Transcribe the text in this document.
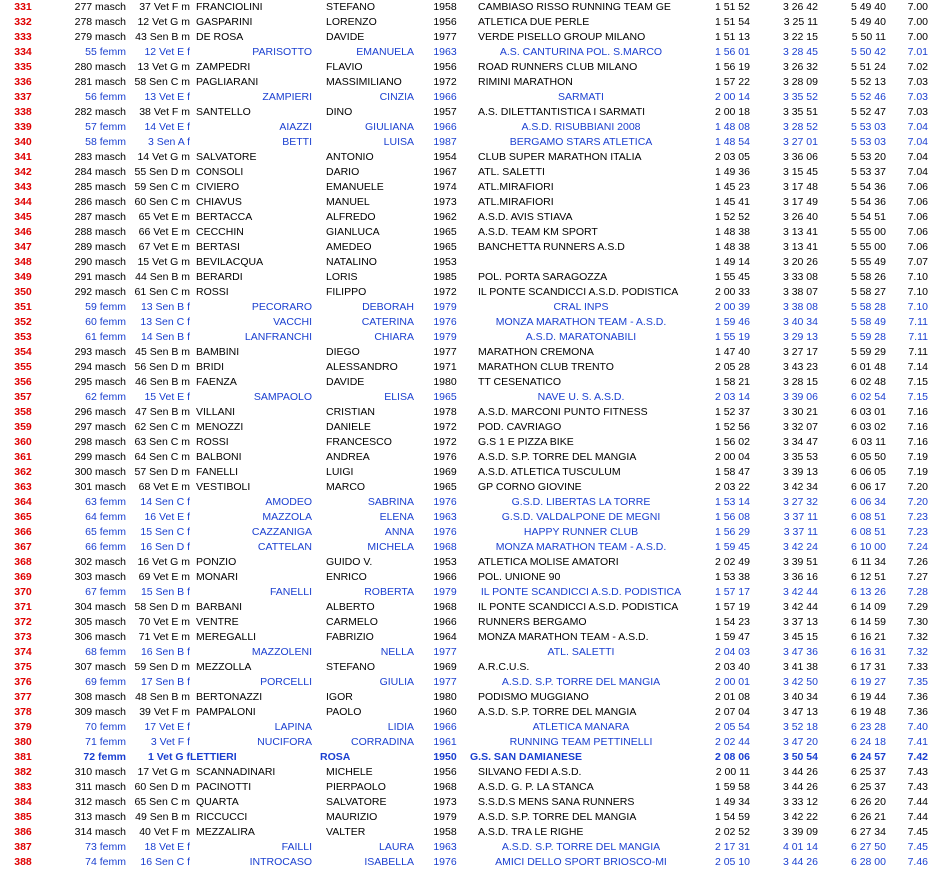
331	277 masch	37 Vet F m	FRANCIOLINI	STEFANO	1958	CAMBIASO RISSO RUNNING TEAM GE	1 51 52	3 26 42	5 49 40	7.00
332	278 masch	12 Vet G m	GASPARINI	LORENZO	1956	ATLETICA DUE PERLE	1 51 54	3 25 11	5 49 40	7.00
333	279 masch	43 Sen B m	DE ROSA	DAVIDE	1977	VERDE PISELLO GROUP MILANO	1 51 13	3 22 15	5 50 11	7.00
334	55 femm	12 Vet E f	PARISOTTO	EMANUELA	1963	A.S. CANTURINA POL. S.MARCO	1 56 01	3 28 45	5 50 42	7.01
335	280 masch	13 Vet G m	ZAMPEDRI	FLAVIO	1956	ROAD RUNNERS CLUB MILANO	1 56 19	3 26 32	5 51 24	7.02
336	281 masch	58 Sen C m	PAGLIARANI	MASSIMILIANO	1972	RIMINI MARATHON	1 57 22	3 28 09	5 52 13	7.03
337	56 femm	13 Vet E f	ZAMPIERI	CINZIA	1966	SARMATI	2 00 14	3 35 52	5 52 46	7.03
338	282 masch	38 Vet F m	SANTELLO	DINO	1957	A.S. DILETTANTISTICA I SARMATI	2 00 18	3 35 51	5 52 47	7.03
339	57 femm	14 Vet E f	AIAZZI	GIULIANA	1966	A.S.D. RISUBBIANI 2008	1 48 08	3 28 52	5 53 03	7.04
340	58 femm	3 Sen A f	BETTI	LUISA	1987	BERGAMO STARS ATLETICA	1 48 54	3 27 01	5 53 03	7.04
341	283 masch	14 Vet G m	SALVATORE	ANTONIO	1954	CLUB SUPER MARATHON ITALIA	2 03 05	3 36 06	5 53 20	7.04
342	284 masch	55 Sen D m	CONSOLI	DARIO	1967	ATL. SALETTI	1 49 36	3 15 45	5 53 37	7.04
343	285 masch	59 Sen C m	CIVIERO	EMANUELE	1974	ATL.MIRAFIORI	1 45 23	3 17 48	5 54 36	7.06
344	286 masch	60 Sen C m	CHIAVUS	MANUEL	1973	ATL.MIRAFIORI	1 45 41	3 17 49	5 54 36	7.06
345	287 masch	65 Vet E m	BERTACCA	ALFREDO	1962	A.S.D. AVIS STIAVA	1 52 52	3 26 40	5 54 51	7.06
346	288 masch	66 Vet E m	CECCHIN	GIANLUCA	1965	A.S.D. TEAM KM SPORT	1 48 38	3 13 41	5 55 00	7.06
347	289 masch	67 Vet E m	BERTASI	AMEDEO	1965	BANCHETTA RUNNERS A.S.D	1 48 38	3 13 41	5 55 00	7.06
348	290 masch	15 Vet G m	BEVILACQUA	NATALINO	1953		1 49 14	3 20 26	5 55 49	7.07
349	291 masch	44 Sen B m	BERARDI	LORIS	1985	POL. PORTA SARAGOZZA	1 55 45	3 33 08	5 58 26	7.10
350	292 masch	61 Sen C m	ROSSI	FILIPPO	1972	IL PONTE SCANDICCI A.S.D. PODISTICA	2 00 33	3 38 07	5 58 27	7.10
351	59 femm	13 Sen B f	PECORARO	DEBORAH	1979	CRAL INPS	2 00 39	3 38 08	5 58 28	7.10
352	60 femm	13 Sen C f	VACCHI	CATERINA	1976	MONZA MARATHON TEAM - A.S.D.	1 59 46	3 40 34	5 58 49	7.11
353	61 femm	14 Sen B f	LANFRANCHI	CHIARA	1979	A.S.D. MARATONABILI	1 55 19	3 29 13	5 59 28	7.11
354	293 masch	45 Sen B m	BAMBINI	DIEGO	1977	MARATHON CREMONA	1 47 40	3 27 17	5 59 29	7.11
355	294 masch	56 Sen D m	BRIDI	ALESSANDRO	1971	MARATHON CLUB TRENTO	2 05 28	3 43 23	6 01 48	7.14
356	295 masch	46 Sen B m	FAENZA	DAVIDE	1980	TT CESENATICO	1 58 21	3 28 15	6 02 48	7.15
357	62 femm	15 Vet E f	SAMPAOLO	ELISA	1965	NAVE U. S. A.S.D.	2 03 14	3 39 06	6 02 54	7.15
358	296 masch	47 Sen B m	VILLANI	CRISTIAN	1978	A.S.D. MARCONI PUNTO FITNESS	1 52 37	3 30 21	6 03 01	7.16
359	297 masch	62 Sen C m	MENOZZI	DANIELE	1972	POD. CAVRIAGO	1 52 56	3 32 07	6 03 02	7.16
360	298 masch	63 Sen C m	ROSSI	FRANCESCO	1972	G.S 1 E PIZZA BIKE	1 56 02	3 34 47	6 03 11	7.16
361	299 masch	64 Sen C m	BALBONI	ANDREA	1976	A.S.D. S.P. TORRE DEL MANGIA	2 00 04	3 35 53	6 05 50	7.19
362	300 masch	57 Sen D m	FANELLI	LUIGI	1969	A.S.D. ATLETICA TUSCULUM	1 58 47	3 39 13	6 06 05	7.19
363	301 masch	68 Vet E m	VESTIBOLI	MARCO	1965	GP CORNO GIOVINE	2 03 22	3 42 34	6 06 17	7.20
364	63 femm	14 Sen C f	AMODEO	SABRINA	1976	G.S.D. LIBERTAS LA TORRE	1 53 14	3 27 32	6 06 34	7.20
365	64 femm	16 Vet E f	MAZZOLA	ELENA	1963	G.S.D. VALDALPONE DE MEGNI	1 56 08	3 37 11	6 08 51	7.23
366	65 femm	15 Sen C f	CAZZANIGA	ANNA	1976	HAPPY RUNNER CLUB	1 56 29	3 37 11	6 08 51	7.23
367	66 femm	16 Sen D f	CATTELAN	MICHELA	1968	MONZA MARATHON TEAM - A.S.D.	1 59 45	3 42 24	6 10 00	7.24
368	302 masch	16 Vet G m	PONZIO	GUIDO V.	1953	ATLETICA MOLISE AMATORI	2 02 49	3 39 51	6 11 34	7.26
369	303 masch	69 Vet E m	MONARI	ENRICO	1966	POL. UNIONE 90	1 53 38	3 36 16	6 12 51	7.27
370	67 femm	15 Sen B f	FANELLI	ROBERTA	1979	IL PONTE SCANDICCI A.S.D. PODISTICA	1 57 17	3 42 44	6 13 26	7.28
371	304 masch	58 Sen D m	BARBANI	ALBERTO	1968	IL PONTE SCANDICCI A.S.D. PODISTICA	1 57 19	3 42 44	6 14 09	7.29
372	305 masch	70 Vet E m	VENTRE	CARMELO	1966	RUNNERS BERGAMO	1 54 23	3 37 13	6 14 59	7.30
373	306 masch	71 Vet E m	MEREGALLI	FABRIZIO	1964	MONZA MARATHON TEAM - A.S.D.	1 59 47	3 45 15	6 16 21	7.32
374	68 femm	16 Sen B f	MAZZOLENI	NELLA	1977	ATL. SALETTI	2 04 03	3 47 36	6 16 31	7.32
375	307 masch	59 Sen D m	MEZZOLLA	STEFANO	1969	A.R.C.U.S.	2 03 40	3 41 38	6 17 31	7.33
376	69 femm	17 Sen B f	PORCELLI	GIULIA	1977	A.S.D. S.P. TORRE DEL MANGIA	2 00 01	3 42 50	6 19 27	7.35
377	308 masch	48 Sen B m	BERTONAZZI	IGOR	1980	PODISMO MUGGIANO	2 01 08	3 40 34	6 19 44	7.36
378	309 masch	39 Vet F m	PAMPALONI	PAOLO	1960	A.S.D. S.P. TORRE DEL MANGIA	2 07 04	3 47 13	6 19 48	7.36
379	70 femm	17 Vet E f	LAPINA	LIDIA	1966	ATLETICA MANARA	2 05 54	3 52 18	6 23 28	7.40
380	71 femm	3 Vet F f	NUCIFORA	CORRADINA	1961	RUNNING TEAM PETTINELLI	2 02 44	3 47 20	6 24 18	7.41
381	72 femm	1 Vet G f	LETTIERI	ROSA	1950	G.S. SAN DAMIANESE	2 08 06	3 50 54	6 24 57	7.42
382	310 masch	17 Vet G m	SCANNADINARI	MICHELE	1956	SILVANO FEDI A.S.D.	2 00 11	3 44 26	6 25 37	7.43
383	311 masch	60 Sen D m	PACINOTTI	PIERPAOLO	1968	A.S.D. G. P. LA STANCA	1 59 58	3 44 26	6 25 37	7.43
384	312 masch	65 Sen C m	QUARTA	SALVATORE	1973	S.S.D.S MENS SANA RUNNERS	1 49 34	3 33 12	6 26 20	7.44
385	313 masch	49 Sen B m	RICCUCCI	MAURIZIO	1979	A.S.D. S.P. TORRE DEL MANGIA	1 54 59	3 42 22	6 26 21	7.44
386	314 masch	40 Vet F m	MEZZALIRA	VALTER	1958	A.S.D. TRA LE RIGHE	2 02 52	3 39 09	6 27 34	7.45
387	73 femm	18 Vet E f	FAILLI	LAURA	1963	A.S.D. S.P. TORRE DEL MANGIA	2 17 31	4 01 14	6 27 50	7.45
388	74 femm	16 Sen C f	INTROCASO	ISABELLA	1976	AMICI DELLO SPORT BRIOSCO-MI	2 05 10	3 44 26	6 28 00	7.46
